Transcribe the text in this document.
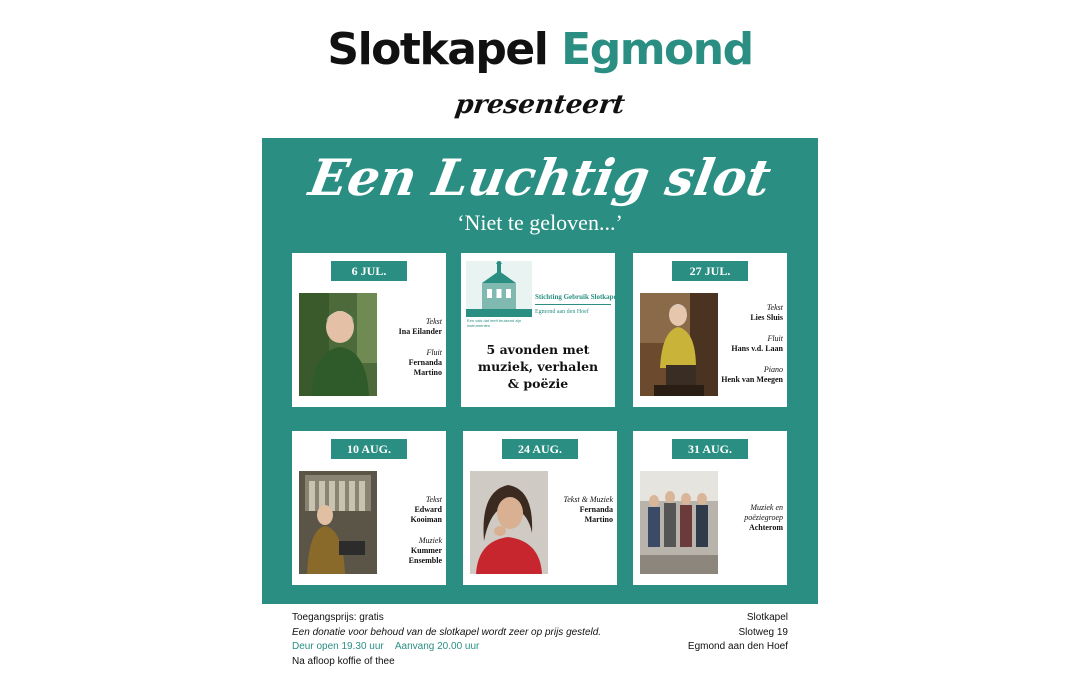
Slotkapel Egmond
presenteert
Een Luchtig slot
‘Niet te geloven...’
6 JUL.
Tekst
Ina Eilander
Fluit
Fernanda
Martino
Stichting Gebruik Slotkapel
Egmond aan den Hoef
Een vals dat leeft bruisend zijn instrumenten
5 avonden met
muziek, verhalen
& poëzie
27 JUL.
Tekst
Lies Sluis
Fluit
Hans v.d. Laan
Piano
Henk van Meegen
10 AUG.
Tekst
Edward
Kooiman
Muziek
Kummer
Ensemble
24 AUG.
Tekst & Muziek
Fernanda
Martino
31 AUG.
Muziek en
poëziegroep
Achterom
Toegangsprijs: gratis
Een donatie voor behoud van de slotkapel wordt zeer op prijs gesteld.
Deur open 19.30 uur Aanvang 20.00 uur
Na afloop koffie of thee
Slotkapel
Slotweg 19
Egmond aan den Hoef
